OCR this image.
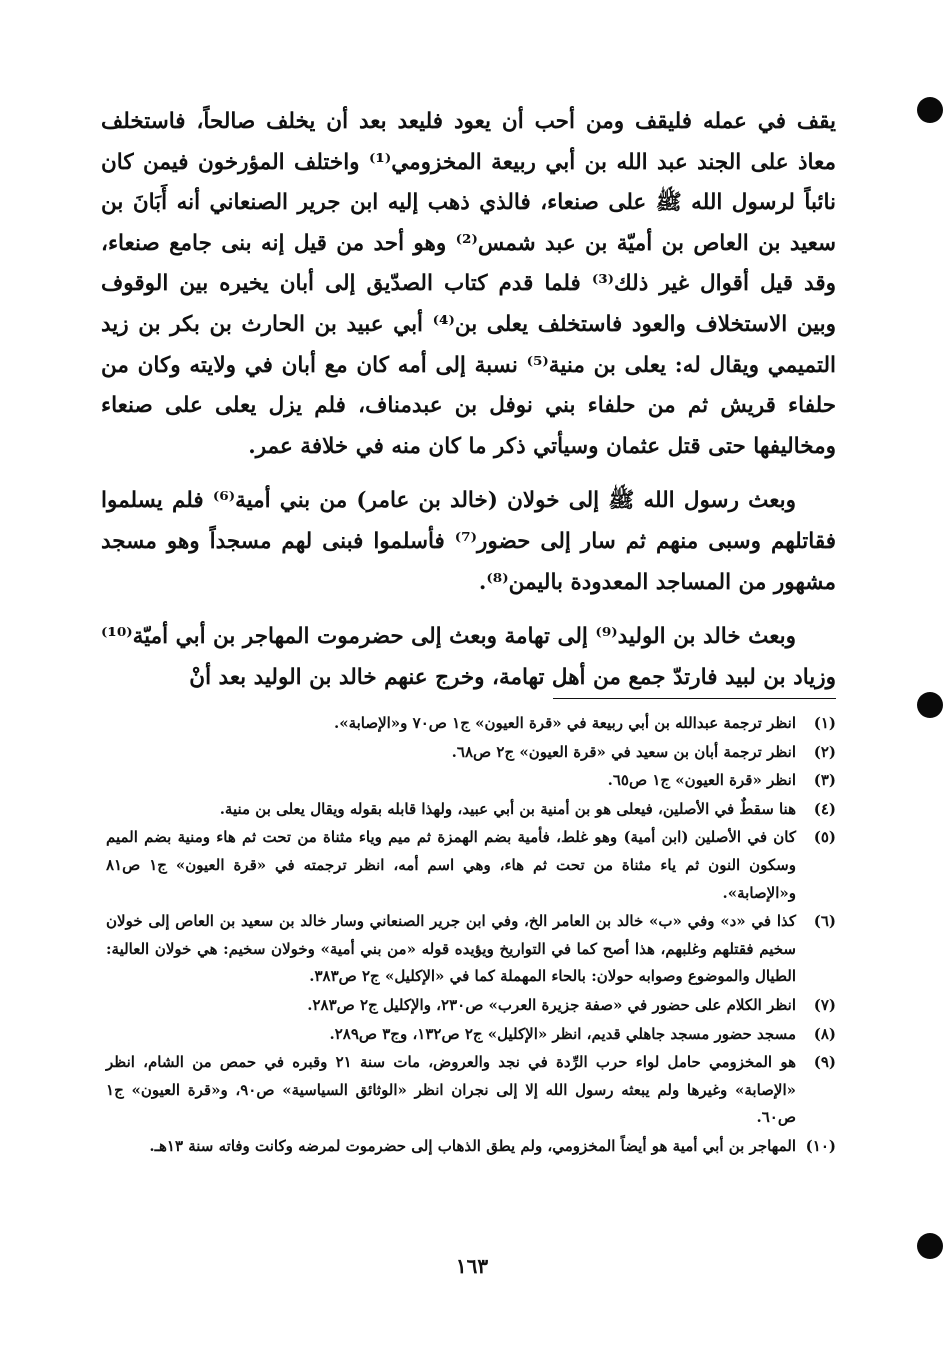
يقف في عمله فليقف ومن أحب أن يعود فليعد بعد أن يخلف صالحاً، فاستخلف معاذ على الجند عبد الله بن أبي ربيعة المخزومي⁽¹⁾ واختلف المؤرخون فيمن كان نائباً لرسول الله ﷺ على صنعاء، فالذي ذهب إليه ابن جرير الصنعاني أنه أَبَانَ بن سعيد بن العاص بن أميّة بن عبد شمس⁽²⁾ وهو أحد من قيل إنه بنى جامع صنعاء، وقد قيل أقوال غير ذلك⁽³⁾ فلما قدم كتاب الصدّيق إلى أبان يخيره بين الوقوف وبين الاستخلاف والعود فاستخلف يعلى بن⁽⁴⁾ أبي عبيد بن الحارث بن بكر بن زيد التميمي ويقال له: يعلى بن منية⁽⁵⁾ نسبة إلى أمه كان مع أبان في ولايته وكان من حلفاء قريش ثم من حلفاء بني نوفل بن عبدمناف، فلم يزل يعلى على صنعاء ومخاليفها حتى قتل عثمان وسيأتي ذكر ما كان منه في خلافة عمر.

وبعث رسول الله ﷺ إلى خولان (خالد بن عامر) من بني أمية⁽⁶⁾ فلم يسلموا فقاتلهم وسبى منهم ثم سار إلى حضور⁽⁷⁾ فأسلموا فبنى لهم مسجداً وهو مسجد مشهور من المساجد المعدودة باليمن⁽⁸⁾.

وبعث خالد بن الوليد⁽⁹⁾ إلى تهامة وبعث إلى حضرموت المهاجر بن أبي أميّة⁽¹⁰⁾ وزياد بن لبيد فارتدّ جمع من أهل تهامة، وخرج عنهم خالد بن الوليد بعد أنْ

(١)
انظر ترجمة عبدالله بن أبي ربيعة في «قرة العيون» ج١ ص٧٠ و«الإصابة».
(٢)
انظر ترجمة أبان بن سعيد في «قرة العيون» ج٢ ص٦٨.
(٣)
انظر «قرة العيون» ج١ ص٦٥.
(٤)
هنا سقطٌ في الأصلين، فيعلى هو بن أمنية بن أبي عبيد، ولهذا قابله بقوله ويقال يعلى بن منية.
(٥)
كان في الأصلين (ابن أمية) وهو غلط، فأمية بضم الهمزة ثم ميم وياء مثناة من تحت ثم هاء ومنية بضم الميم وسكون النون ثم ياء مثناة من تحت ثم هاء، وهي اسم أمه، انظر ترجمته في «قرة العيون» ج١ ص٨١ و«الإصابة».
(٦)
كذا في «د» وفي «ب» خالد بن العامر الخ، وفي ابن جرير الصنعاني وسار خالد بن سعيد بن العاص إلى خولان سخيم فقتلهم وغلبهم، هذا أصح كما في التواريخ ويؤيده قوله «من بني أمية» وخولان سخيم: هي خولان العالية: الطيال والموضوع وصوابه حولان: بالحاء المهملة كما في «الإكليل» ج٢ ص٣٨٣.
(٧)
انظر الكلام على حضور في «صفة جزيرة العرب» ص٢٣٠، والإكليل ج٢ ص٢٨٣.
(٨)
مسجد حضور مسجد جاهلي قديم، انظر «الإكليل» ج٢ ص١٣٢، وج٣ ص٢٨٩.
(٩)
هو المخزومي حامل لواء حرب الرِّدة في نجد والعروض، مات سنة ٢١ وقبره في حمص من الشام، انظر «الإصابة» وغيرها ولم يبعثه رسول الله إلا إلى نجران انظر «الوثائق السياسية» ص٩٠، و«قرة العيون» ج١ ص٦٠.
(١٠)
المهاجر بن أبي أمية هو أيضاً المخزومي، ولم يطق الذهاب إلى حضرموت لمرضه وكانت وفاته سنة ١٣هـ.
١٦٣
